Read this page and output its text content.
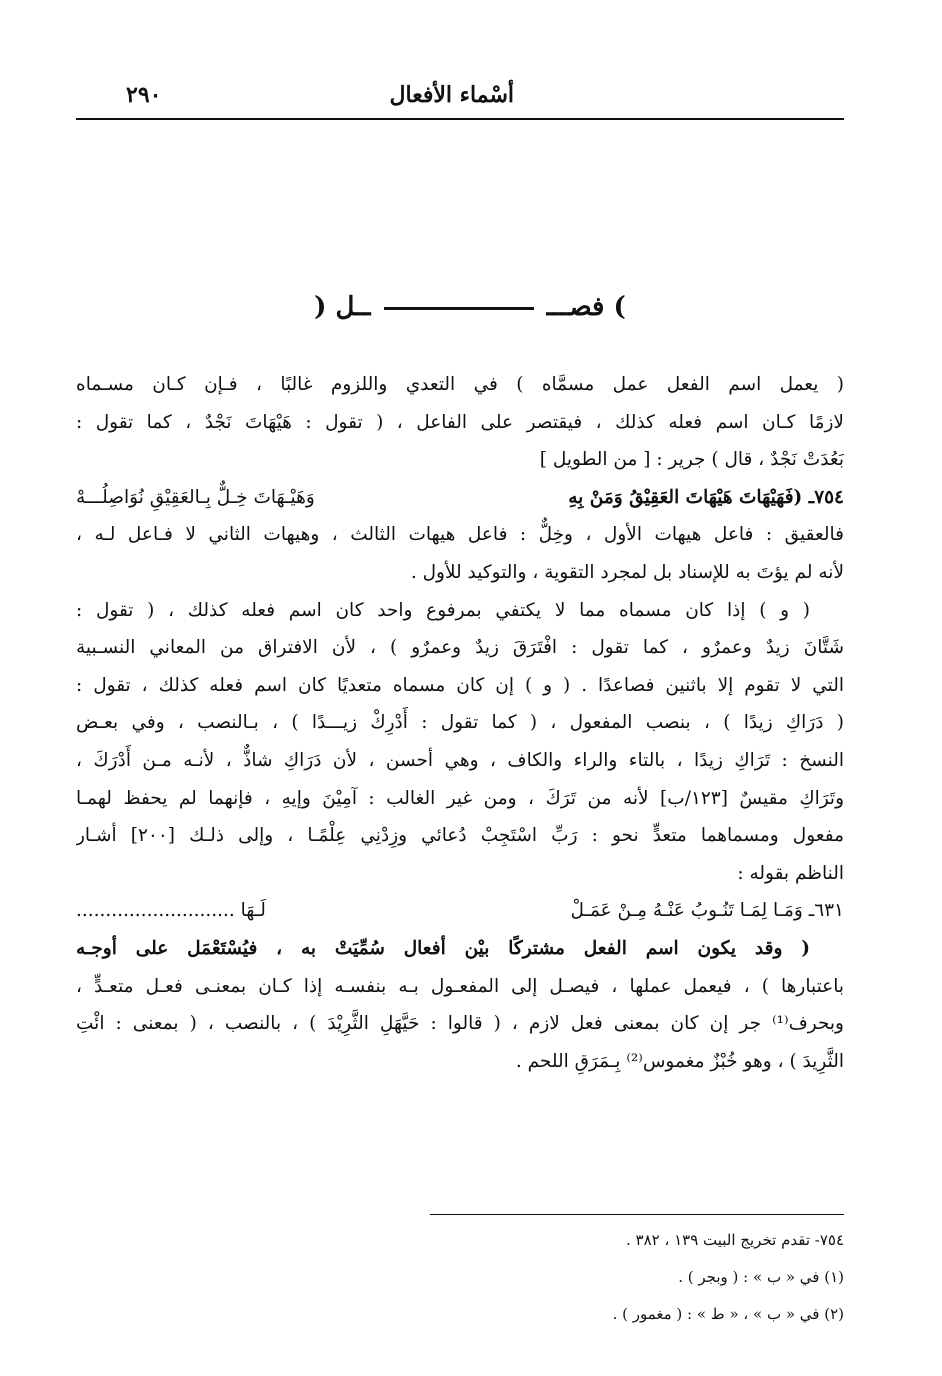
٢٩٠	أسْماء الأفعال
) فصـــ  ــل (
( يعمل اسم الفعل عمل مسمَّاه ) في التعدي واللزوم غالبًا ، فـإن كـان مسـماه
لازمًا كـان اسم فعله كذلك ، فيقتصر على الفاعل ، ( تقول : هَيْهَاتَ نَجْدٌ ، كما تقول :
بَعُدَتْ نَجْدٌ ، قال ) جرير : [ من الطويل ]
٧٥٤ـ (فَهَيْهَاتَ هَيْهَاتَ العَقِيْقُ وَمَنْ بِهِ
وَهَيْـهَاتَ خِـلٌّ بِـالعَقِيْقِ نُوَاصِلُـــهْ
فالعقيق : فاعل هيهات الأول ، وخِلٌّ : فاعل هيهات الثالث ، وهيهات الثاني لا فـاعل لـه ،
لأنه لم يؤتَ به للإسناد بل لمجرد التقوية ، والتوكيد للأول .
( و ) إذا كان مسماه مما لا يكتفي بمرفوع واحد كان اسم فعله كذلك ، ( تقول :
شَتَّانَ زيدٌ وعمرٌو ، كما تقول : افْتَرَقَ زيدٌ وعمرٌو ) ، لأن الافتراق من المعاني النسـبية
التي لا تقوم إلا باثنين فصاعدًا . ( و ) إن كان مسماه متعديًا كان اسم فعله كذلك ، تقول :
( دَرَاكِ زيدًا ) ، بنصب المفعول ، ( كما تقول : أَدْرِكْ زيـــدًا ) ، بـالنصب ، وفي بعـض
النسخ : تَرَاكِ زيدًا ، بالتاء والراء والكاف ، وهي أحسن ، لأن دَرَاكِ شاذٌّ ، لأنـه مـن أَدْرَكَ ،
وتَرَاكِ مقيسٌ [١٢٣/ب] لأنه من تَرَكَ ، ومن غير الغالب : آمِيْنَ وإيهِ ، فإنهما لم يحفظ لهمـا
مفعول ومسماهما متعدٍّ نحو : رَبِّ اسْتَجِبْ دُعائي وزِدْنِي عِلْمًـا ، وإلى ذلـك [٢٠٠] أشـار
الناظم بقوله :
٦٣١ـ وَمَـا لِمَـا تَنُـوبُ عَنْـهُ مِـنْ عَمَـلْ
لَـهَا ...........................
( وقد يكون اسم الفعل مشتركًا بيْن أفعال سُمِّيَتْ به ، فيُسْتَعْمَل على أوجـه
باعتبارها ) ، فيعمل عملها ، فيصـل إلى المفعـول بـه بنفسـه إذا كـان بمعنـى فعـل متعـدٍّ ،
وبحرف⁽¹⁾ جر إن كان بمعنى فعل لازم ، ( قالوا : حَيَّهَلِ الثَّرِيْدَ ) ، بالنصب ، ( بمعنى : ائْتِ
الثَّرِيدَ ) ، وهو خُبْزٌ مغموس⁽²⁾ بِـمَرَقِ اللحم .
٧٥٤- تقدم تخريج البيت ١٣٩ ، ٣٨٢ .
(١) في « ب » : ( وبجر ) .
(٢) في « ب » ، « ط » : ( مغمور ) .
